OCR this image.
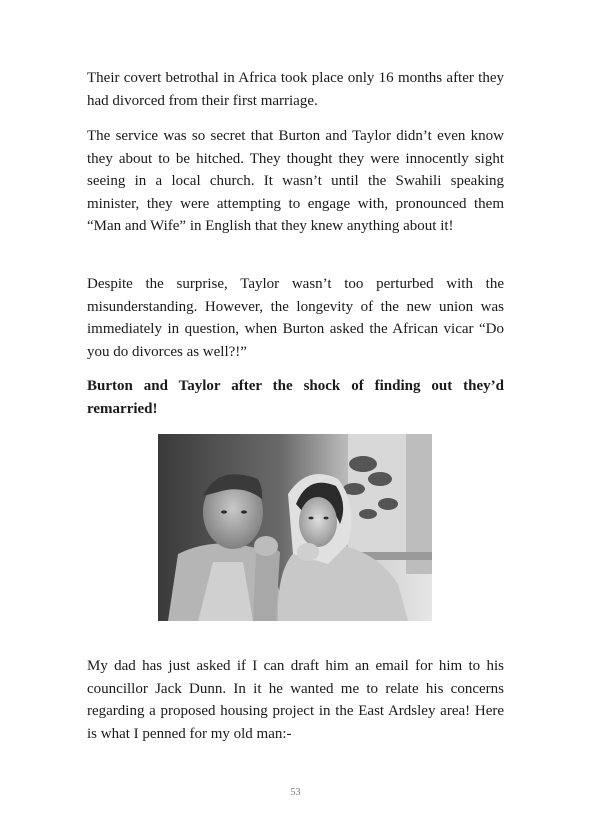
Their covert betrothal in Africa took place only 16 months after they had divorced from their first marriage.

The service was so secret that Burton and Taylor didn’t even know they about to be hitched. They thought they were innocently sight seeing in a local church. It wasn’t until the Swahili speaking minister, they were attempting to engage with, pronounced them “Man and Wife” in English that they knew anything about it!

Despite the surprise, Taylor wasn’t too perturbed with the misunderstanding. However, the longevity of the new union was immediately in question, when Burton asked the African vicar “Do you do divorces as well?!”

Burton and Taylor after the shock of finding out they’d remarried!

My dad has just asked if I can draft him an email for him to his councillor Jack Dunn. In it he wanted me to relate his concerns regarding a proposed housing project in the East Ardsley area! Here is what I penned for my old man:-

53
